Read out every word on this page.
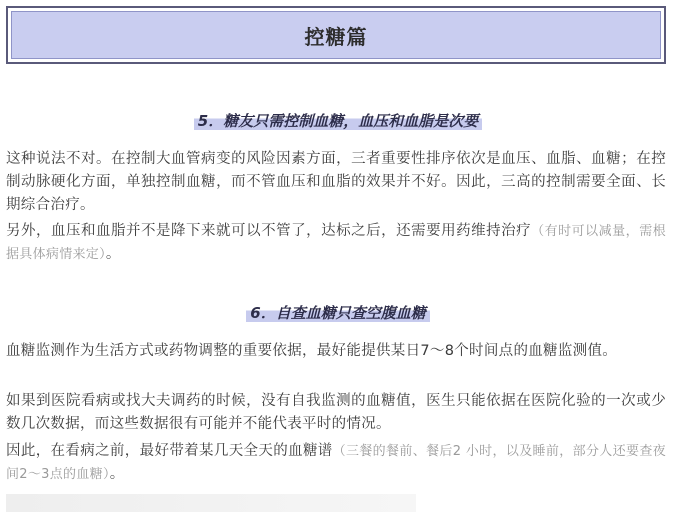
控糖篇
5．糖友只需控制血糖，血压和血脂是次要
这种说法不对。在控制大血管病变的风险因素方面，三者重要性排序依次是血压、血脂、血糖；在控制动脉硬化方面，单独控制血糖，而不管血压和血脂的效果并不好。因此，三高的控制需要全面、长期综合治疗。
另外，血压和血脂并不是降下来就可以不管了，达标之后，还需要用药维持治疗（有时可以减量，需根据具体病情来定）。
6．自查血糖只查空腹血糖
血糖监测作为生活方式或药物调整的重要依据，最好能提供某日7～8个时间点的血糖监测值。
如果到医院看病或找大夫调药的时候，没有自我监测的血糖值，医生只能依据在医院化验的一次或少数几次数据，而这些数据很有可能并不能代表平时的情况。
因此，在看病之前，最好带着某几天全天的血糖谱（三餐的餐前、餐后2 小时，以及睡前，部分人还要查夜间2～3点的血糖）。
